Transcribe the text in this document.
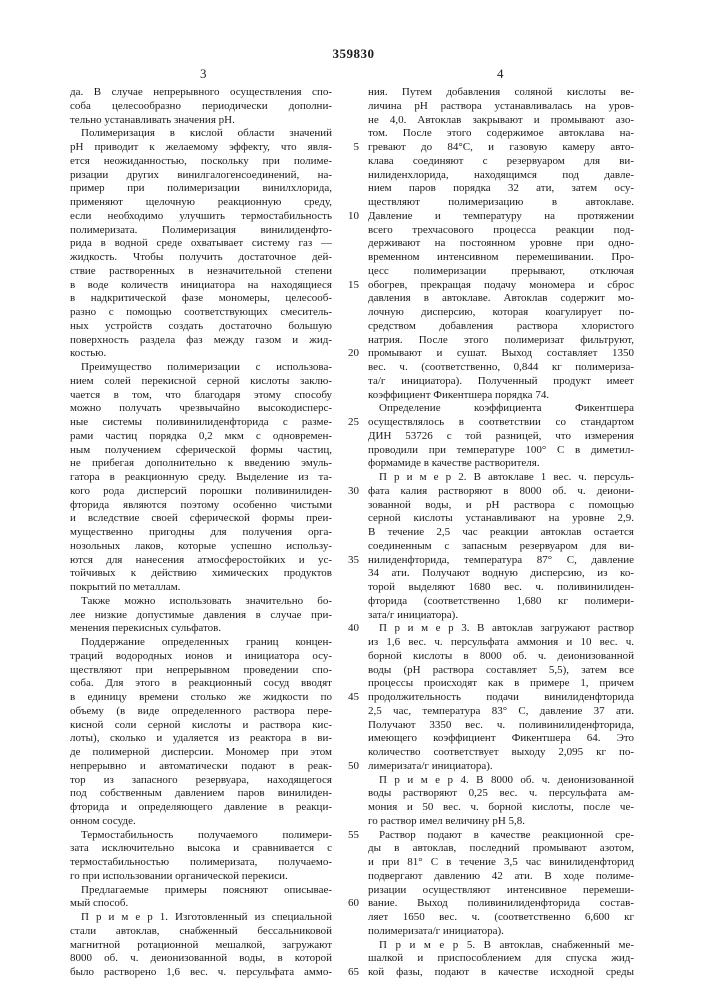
359830
3	4
да. В случае непрерывного осуществления спо-
соба целесообразно периодически дополни-
тельно устанавливать значения pH.
Полимеризация в кислой области значений
pH приводит к желаемому эффекту, что явля-
ется неожиданностью, поскольку при полиме-
ризации других винилгалогенсоединений, на-
пример при полимеризации винилхлорида,
применяют щелочную реакционную среду,
если необходимо улучшить термостабильность
полимеризата. Полимеризация винилиденфто-
рида в водной среде охватывает систему газ —
жидкость. Чтобы получить достаточное дей-
ствие растворенных в незначительной степени
в воде количеств инициатора на находящиеся
в надкритической фазе мономеры, целесооб-
разно с помощью соответствующих смеситель-
ных устройств создать достаточно большую
поверхность раздела фаз между газом и жид-
костью.
Преимущество полимеризации с использова-
нием солей перекисной серной кислоты заклю-
чается в том, что благодаря этому способу
можно получать чрезвычайно высокодисперс-
ные системы поливинилиденфторида с разме-
рами частиц порядка 0,2 мкм с одновремен-
ным получением сферической формы частиц,
не прибегая дополнительно к введению эмуль-
гатора в реакционную среду. Выделение из та-
кого рода дисперсий порошки поливинилиден-
фторида являются поэтому особенно чистыми
и вследствие своей сферической формы преи-
мущественно пригодны для получения орга-
нозольных лаков, которые успешно использу-
ются для нанесения атмосферостойких и ус-
тойчивых к действию химических продуктов
покрытий по металлам.
Также можно использовать значительно бо-
лее низкие допустимые давления в случае при-
менения перекисных сульфатов.
Поддержание определенных границ концен-
траций водородных ионов и инициатора осу-
ществляют при непрерывном проведении спо-
соба. Для этого в реакционный сосуд вводят
в единицу времени столько же жидкости по
объему (в виде определенного раствора пере-
кисной соли серной кислоты и раствора кис-
лоты), сколько и удаляется из реактора в ви-
де полимерной дисперсии. Мономер при этом
непрерывно и автоматически подают в реак-
тор из запасного резервуара, находящегося
под собственным давлением паров винилиден-
фторида и определяющего давление в реакци-
онном сосуде.
Термостабильность получаемого полимери-
зата исключительно высока и сравнивается с
термостабильностью полимеризата, получаемо-
го при использовании органической перекиси.
Предлагаемые примеры поясняют описывае-
мый способ.
П р и м е р 1. Изготовленный из специальной
стали автоклав, снабженный бессальниковой
магнитной ротационной мешалкой, загружают
8000 об. ч. деионизованной воды, в которой
было растворено 1,6 вес. ч. персульфата аммо-
ния. Путем добавления соляной кислоты ве-
личина pH раствора устанавливалась на уров-
не 4,0. Автоклав закрывают и промывают азо-
том. После этого содержимое автоклава на-
гревают до 84°С, и газовую камеру авто-
клава соединяют с резервуаром для ви-
нилиденхлорида, находящимся под давле-
нием паров порядка 32 ати, затем осу-
ществляют полимеризацию в автоклаве.
Давление и температуру на протяжении
всего трехчасового процесса реакции под-
держивают на постоянном уровне при одно-
временном интенсивном перемешивании. Про-
цесс полимеризации прерывают, отключая
обогрев, прекращая подачу мономера и сброс
давления в автоклаве. Автоклав содержит мо-
лочную дисперсию, которая коагулирует по-
средством добавления раствора хлористого
натрия. После этого полимеризат фильтруют,
промывают и сушат. Выход составляет 1350
вес. ч. (соответственно, 0,844 кг полимериза-
та/г инициатора). Полученный продукт имеет
коэффициент Фикентшера порядка 74.
Определение коэффициента Фикентшера
осуществлялось в соответствии со стандартом
ДИН 53726 с той разницей, что измерения
проводили при температуре 100° С в диметил-
формамиде в качестве растворителя.
П р и м е р 2. В автоклаве 1 вес. ч. персуль-
фата калия растворяют в 8000 об. ч. деиони-
зованной воды, и pH раствора с помощью
серной кислоты устанавливают на уровне 2,9.
В течение 2,5 час реакции автоклав остается
соединенным с запасным резервуаром для ви-
нилиденфторида, температура 87° С, давление
34 ати. Получают водную дисперсию, из ко-
торой выделяют 1680 вес. ч. поливинилиден-
фторида (соответственно 1,680 кг полимери-
зата/г инициатора).
П р и м е р 3. В автоклав загружают раствор
из 1,6 вес. ч. персульфата аммония и 10 вес. ч.
борной кислоты в 8000 об. ч. деионизованной
воды (pH раствора составляет 5,5), затем все
процессы происходят как в примере 1, причем
продолжительность подачи винилиденфторида
2,5 час, температура 83° С, давление 37 ати.
Получают 3350 вес. ч. поливинилиденфторида,
имеющего коэффициент Фикентшера 64. Это
количество соответствует выходу 2,095 кг по-
лимеризата/г инициатора).
П р и м е р 4. В 8000 об. ч. деионизованной
воды растворяют 0,25 вес. ч. персульфата ам-
мония и 50 вес. ч. борной кислоты, после че-
го раствор имел величину pH 5,8.
Раствор подают в качестве реакционной сре-
ды в автоклав, последний промывают азотом,
и при 81° С в течение 3,5 час винилиденфторид
подвергают давлению 42 ати. В ходе полиме-
ризации осуществляют интенсивное перемеши-
вание. Выход поливинилиденфторида состав-
ляет 1650 вес. ч. (соответственно 6,600 кг
полимеризата/г инициатора).
П р и м е р 5. В автоклав, снабженный ме-
шалкой и приспособлением для спуска жид-
кой фазы, подают в качестве исходной среды
5
10
15
20
25
30
35
40
45
50
55
60
65
